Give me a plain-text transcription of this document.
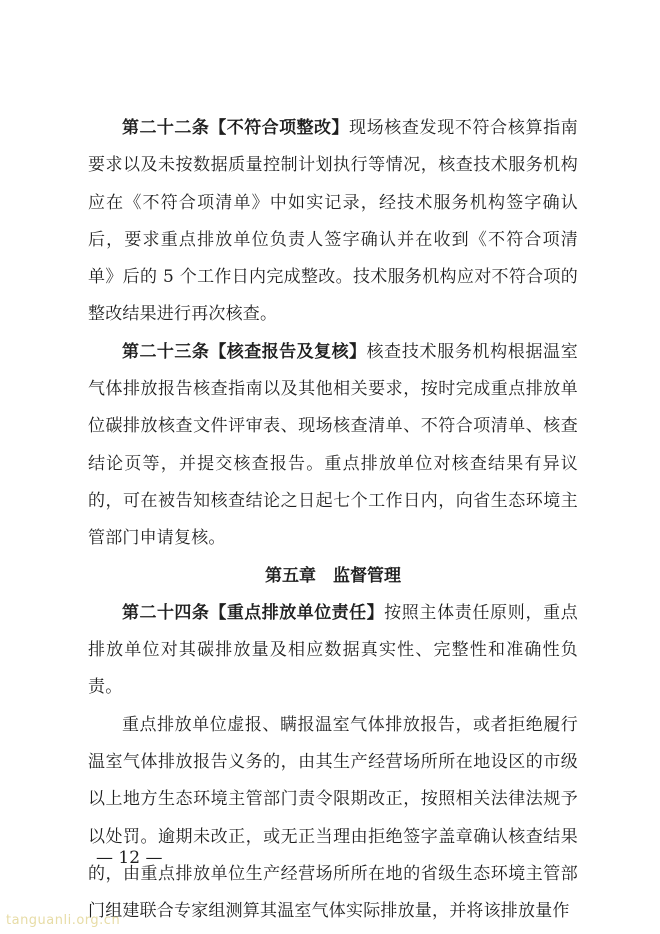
第二十二条【不符合项整改】现场核查发现不符合核算指南要求以及未按数据质量控制计划执行等情况，核查技术服务机构应在《不符合项清单》中如实记录，经技术服务机构签字确认后，要求重点排放单位负责人签字确认并在收到《不符合项清单》后的 5 个工作日内完成整改。技术服务机构应对不符合项的整改结果进行再次核查。

第二十三条【核查报告及复核】核查技术服务机构根据温室气体排放报告核查指南以及其他相关要求，按时完成重点排放单位碳排放核查文件评审表、现场核查清单、不符合项清单、核查结论页等，并提交核查报告。重点排放单位对核查结果有异议的，可在被告知核查结论之日起七个工作日内，向省生态环境主管部门申请复核。

第五章　监督管理

第二十四条【重点排放单位责任】按照主体责任原则，重点排放单位对其碳排放量及相应数据真实性、完整性和准确性负责。

重点排放单位虚报、瞒报温室气体排放报告，或者拒绝履行温室气体排放报告义务的，由其生产经营场所所在地设区的市级以上地方生态环境主管部门责令限期改正，按照相关法律法规予以处罚。逾期未改正，或无正当理由拒绝签字盖章确认核查结果的，由重点排放单位生产经营场所所在地的省级生态环境主管部门组建联合专家组测算其温室气体实际排放量，并将该排放量作

— 12 —
tanguanli.org.cn
